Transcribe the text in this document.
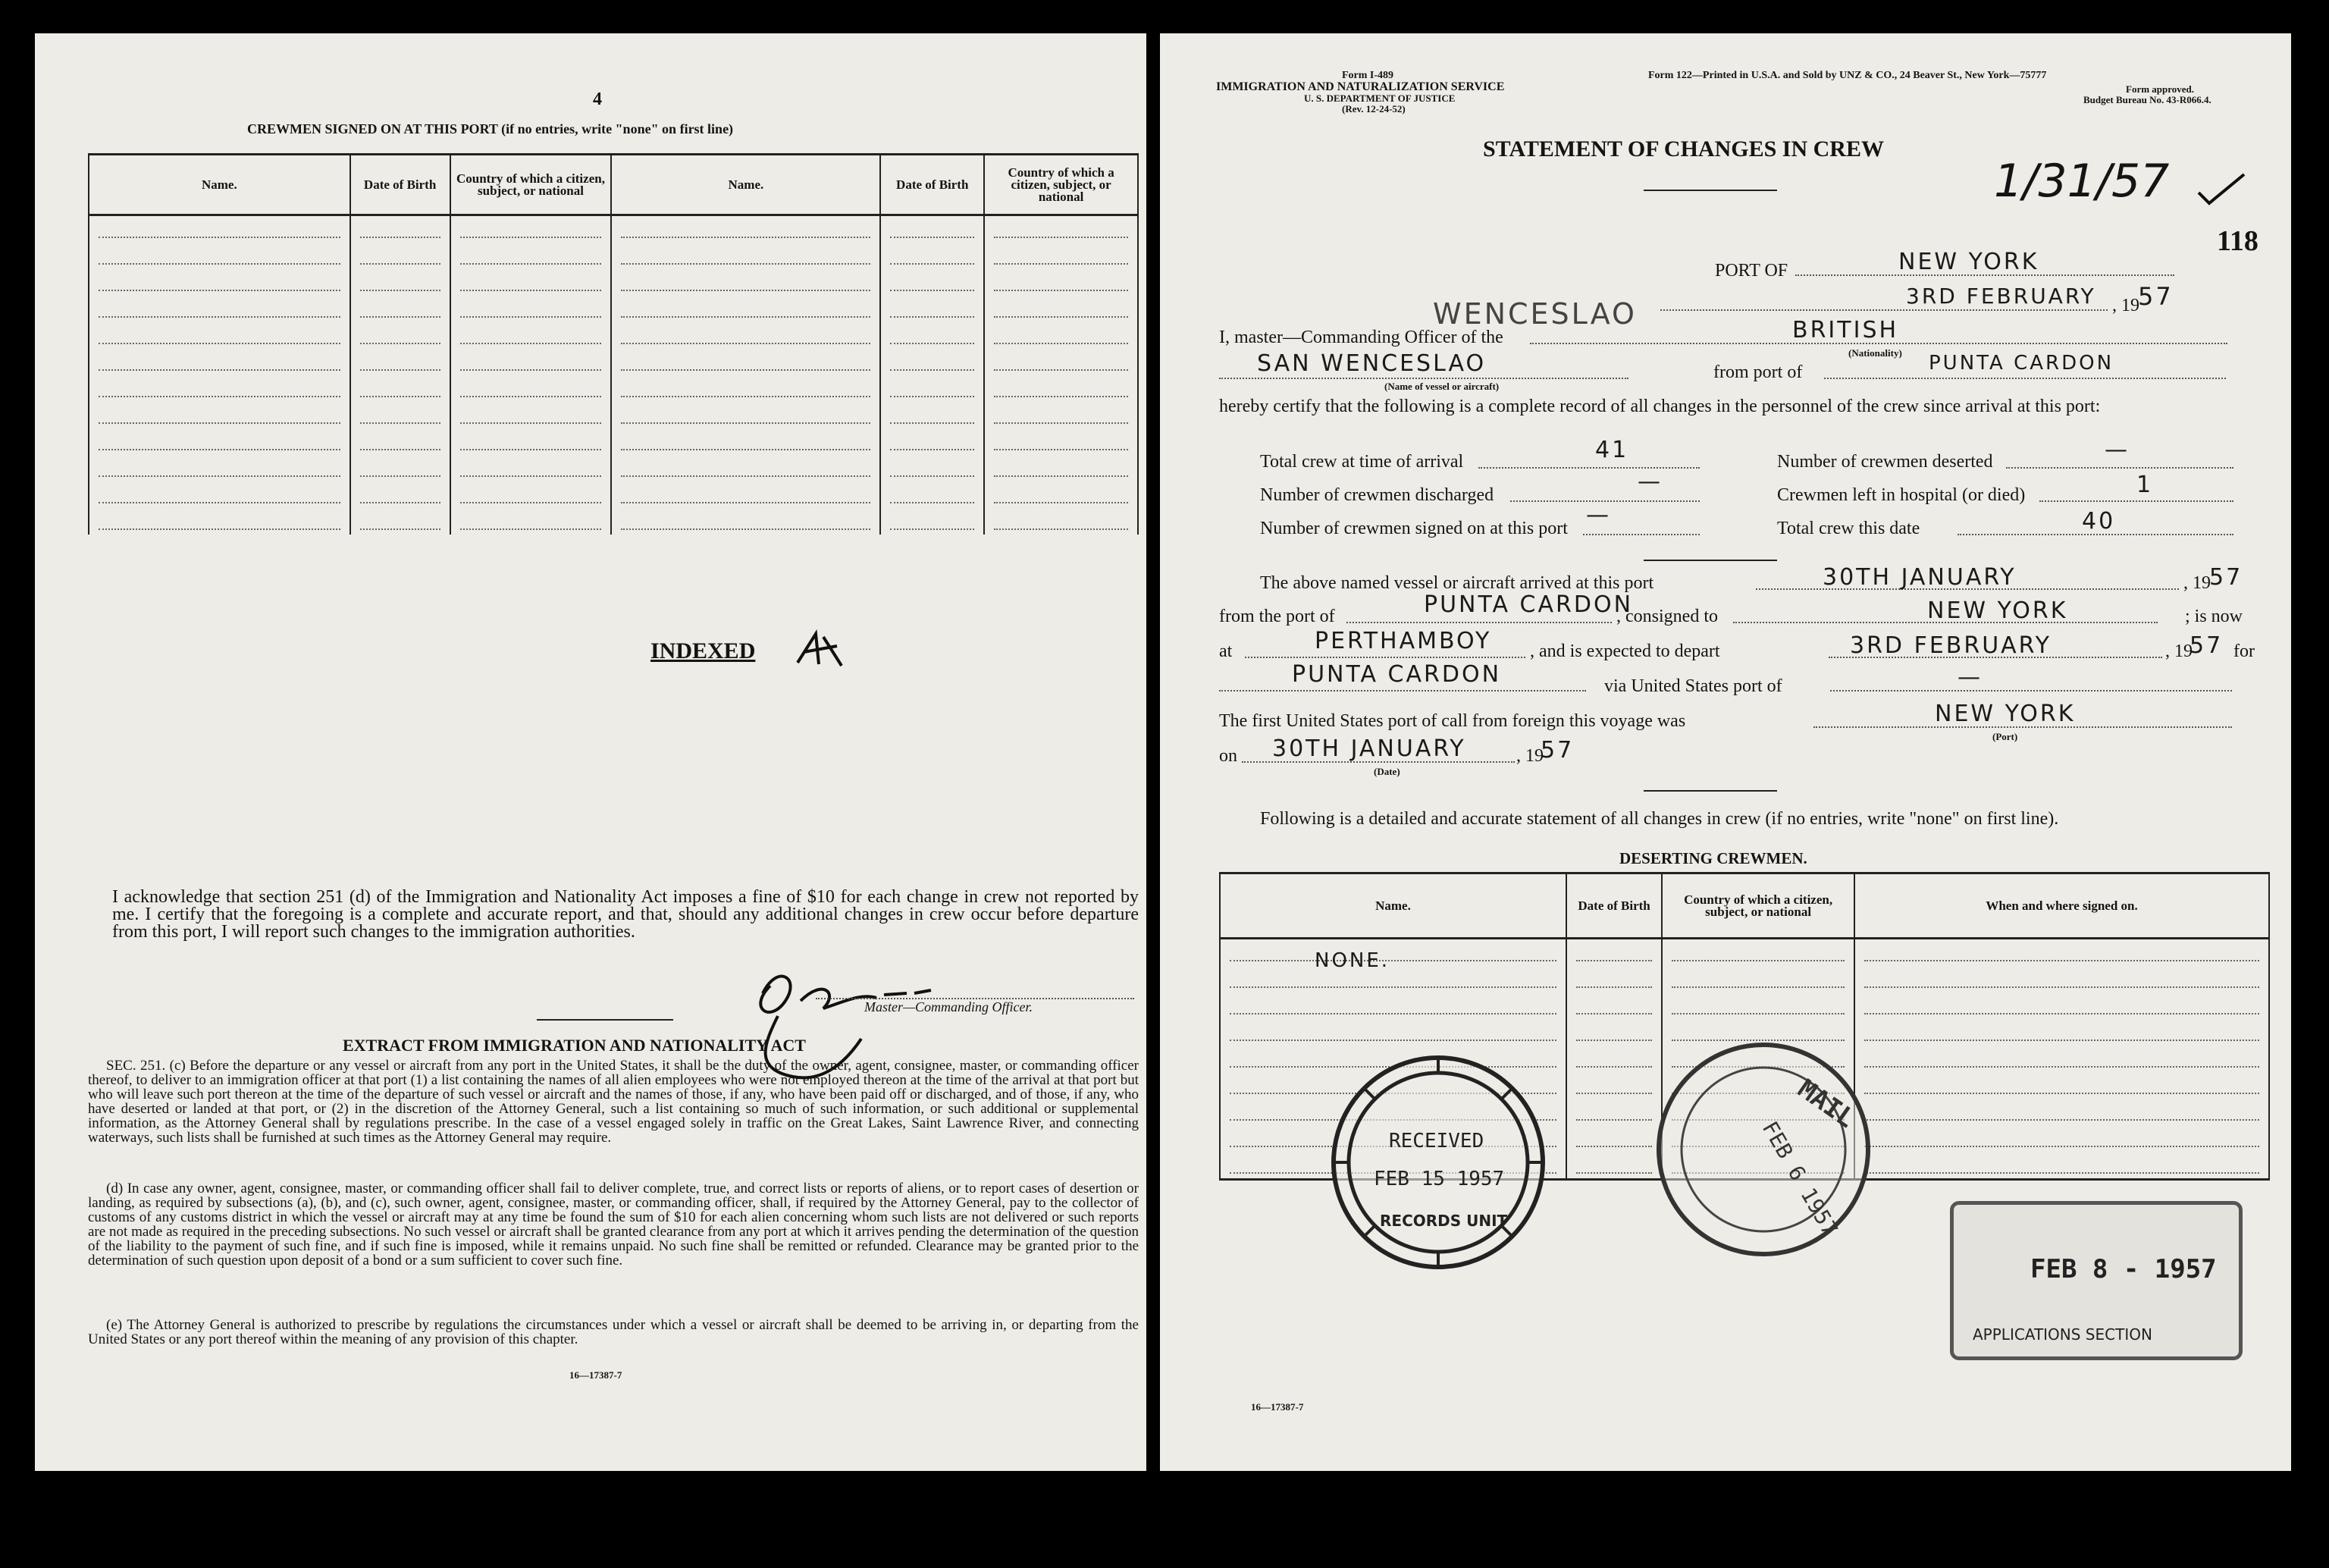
4
CREWMEN SIGNED ON AT THIS PORT (if no entries, write "none" on first line)
Name.	Date of Birth	Country of which a citizen, subject, or national	Name.	Date of Birth	Country of which a citizen, subject, or national

INDEXED
I acknowledge that section 251 (d) of the Immigration and Nationality Act imposes a fine of $10 for each change in crew not reported by me. I certify that the foregoing is a complete and accurate report, and that, should any additional changes in crew occur before departure from this port, I will report such changes to the immigration authorities.
Master—Commanding Officer.
EXTRACT FROM IMMIGRATION AND NATIONALITY ACT
SEC. 251. (c) Before the departure or any vessel or aircraft from any port in the United States, it shall be the duty of the owner, agent, consignee, master, or commanding officer thereof, to deliver to an immigration officer at that port (1) a list containing the names of all alien employees who were not employed thereon at the time of the arrival at that port but who will leave such port thereon at the time of the departure of such vessel or aircraft and the names of those, if any, who have been paid off or discharged, and of those, if any, who have deserted or landed at that port, or (2) in the discretion of the Attorney General, such a list containing so much of such information, or such additional or supplemental information, as the Attorney General shall by regulations prescribe. In the case of a vessel engaged solely in traffic on the Great Lakes, Saint Lawrence River, and connecting waterways, such lists shall be furnished at such times as the Attorney General may require.
(d) In case any owner, agent, consignee, master, or commanding officer shall fail to deliver complete, true, and correct lists or reports of aliens, or to report cases of desertion or landing, as required by subsections (a), (b), and (c), such owner, agent, consignee, master, or commanding officer, shall, if required by the Attorney General, pay to the collector of customs of any customs district in which the vessel or aircraft may at any time be found the sum of $10 for each alien concerning whom such lists are not delivered or such reports are not made as required in the preceding subsections. No such vessel or aircraft shall be granted clearance from any port at which it arrives pending the determination of the question of the liability to the payment of such fine, and if such fine is imposed, while it remains unpaid. No such fine shall be remitted or refunded. Clearance may be granted prior to the determination of such question upon deposit of a bond or a sum sufficient to cover such fine.
(e) The Attorney General is authorized to prescribe by regulations the circumstances under which a vessel or aircraft shall be deemed to be arriving in, or departing from the United States or any port thereof within the meaning of any provision of this chapter.
16—17387-7
Form I-489
IMMIGRATION AND NATURALIZATION SERVICE
U. S. DEPARTMENT OF JUSTICE
(Rev. 12-24-52)
Form 122—Printed in U.S.A. and Sold by UNZ & CO., 24 Beaver St., New York—75777
Form approved.
Budget Bureau No. 43-R066.4.
STATEMENT OF CHANGES IN CREW
1/31/57
118
PORT OF	NEW YORK
3RD FEBRUARY , 19
57
WENCESLAO
I, master—Commanding Officer of the	BRITISH
(Nationality)
SAN WENCESLAO
(Name of vessel or aircraft)
from port of	PUNTA CARDON
hereby certify that the following is a complete record of all changes in the personnel of the crew since arrival at this port:
Total crew at time of arrival	41	Number of crewmen deserted	—
Number of crewmen discharged	—	Crewmen left in hospital (or died)	1
Number of crewmen signed on at this port —	Total crew this date	40
The above named vessel or aircraft arrived at this port	30TH JANUARY	, 19
57
from the port of	PUNTA CARDON
, consigned to	NEW YORK	; is now
at	PERTHAMBOY , and is expected to depart	3RD FEBRUARY	, 19
57 for
PUNTA CARDON	via United States port of	—
The first United States port of call from foreign this voyage was	NEW YORK
(Port)
on 30TH JANUARY
(Date)
, 19
57
Following is a detailed and accurate statement of all changes in crew (if no entries, write "none" on first line).
DESERTING CREWMEN.
Name.	Date of Birth	Country of which a citizen, subject, or national	When and where signed on.

NONE.
RECEIVED
FEB 15 1957
RECORDS UNIT
MAIL
FEB 6 1957
FEB 8 - 1957
APPLICATIONS SECTION
16—17387-7
